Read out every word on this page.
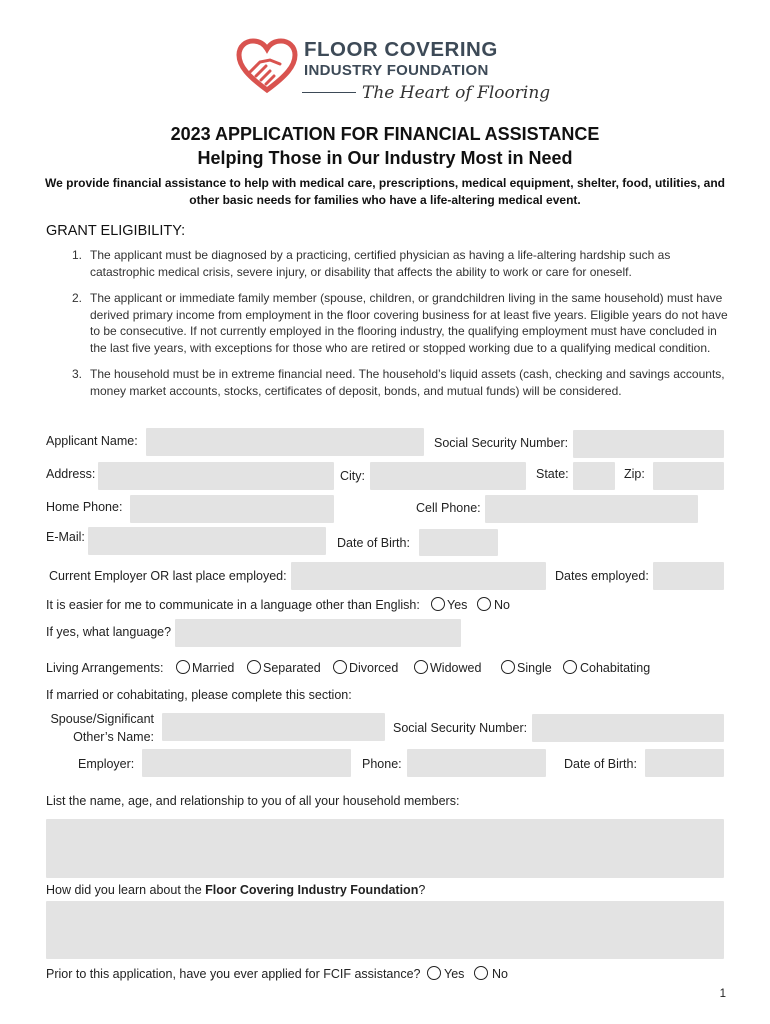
FLOOR COVERING
INDUSTRY FOUNDATION
The Heart of Flooring
2023 APPLICATION FOR FINANCIAL ASSISTANCE
Helping Those in Our Industry Most in Need
We provide financial assistance to help with medical care, prescriptions, medical equipment, shelter, food, utilities, and other basic needs for families who have a life-altering medical event.
GRANT ELIGIBILITY:
1. The applicant must be diagnosed by a practicing, certified physician as having a life-altering hardship such as catastrophic medical crisis, severe injury, or disability that affects the ability to work or care for oneself.
2. The applicant or immediate family member (spouse, children, or grandchildren living in the same household) must have derived primary income from employment in the floor covering business for at least five years. Eligible years do not have to be consecutive. If not currently employed in the flooring industry, the qualifying employment must have concluded in the last five years, with exceptions for those who are retired or stopped working due to a qualifying medical condition.
3. The household must be in extreme financial need. The household’s liquid assets (cash, checking and savings accounts, money market accounts, stocks, certificates of deposit, bonds, and mutual funds) will be considered.
Applicant Name:	Social Security Number:
Address:	City:	State:	Zip:
Home Phone:	Cell Phone:
E-Mail:	Date of Birth:
Current Employer OR last place employed:	Dates employed:
It is easier for me to communicate in a language other than English: Yes No
If yes, what language?
Living Arrangements: Married Separated Divorced	Widowed	Single Cohabitating
If married or cohabitating, please complete this section:
Spouse/Significant
Other’s Name:
Social Security Number:
Employer:	Phone:	Date of Birth:
List the name, age, and relationship to you of all your household members:
How did you learn about the Floor Covering Industry Foundation?
Prior to this application, have you ever applied for FCIF assistance? Yes No
1
